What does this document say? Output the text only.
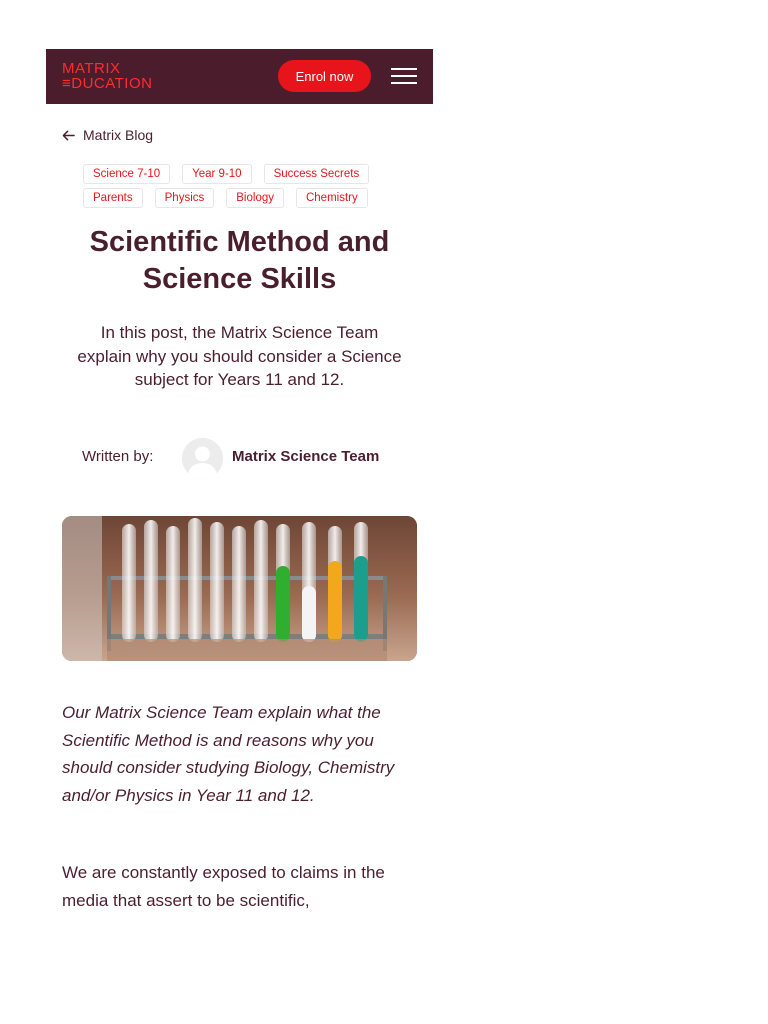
MATRIX
≡DUCATION	Enrol now
Matrix Blog
Science 7-10	Year 9-10	Success Secrets
Parents	Physics	Biology	Chemistry
Scientific Method and Science Skills

In this post, the Matrix Science Team explain why you should consider a Science subject for Years 11 and 12.

Written by:	Matrix Science Team

Our Matrix Science Team explain what the Scientific Method is and reasons why you should consider studying Biology, Chemistry and/or Physics in Year 11 and 12.

We are constantly exposed to claims in the media that assert to be scientific,
